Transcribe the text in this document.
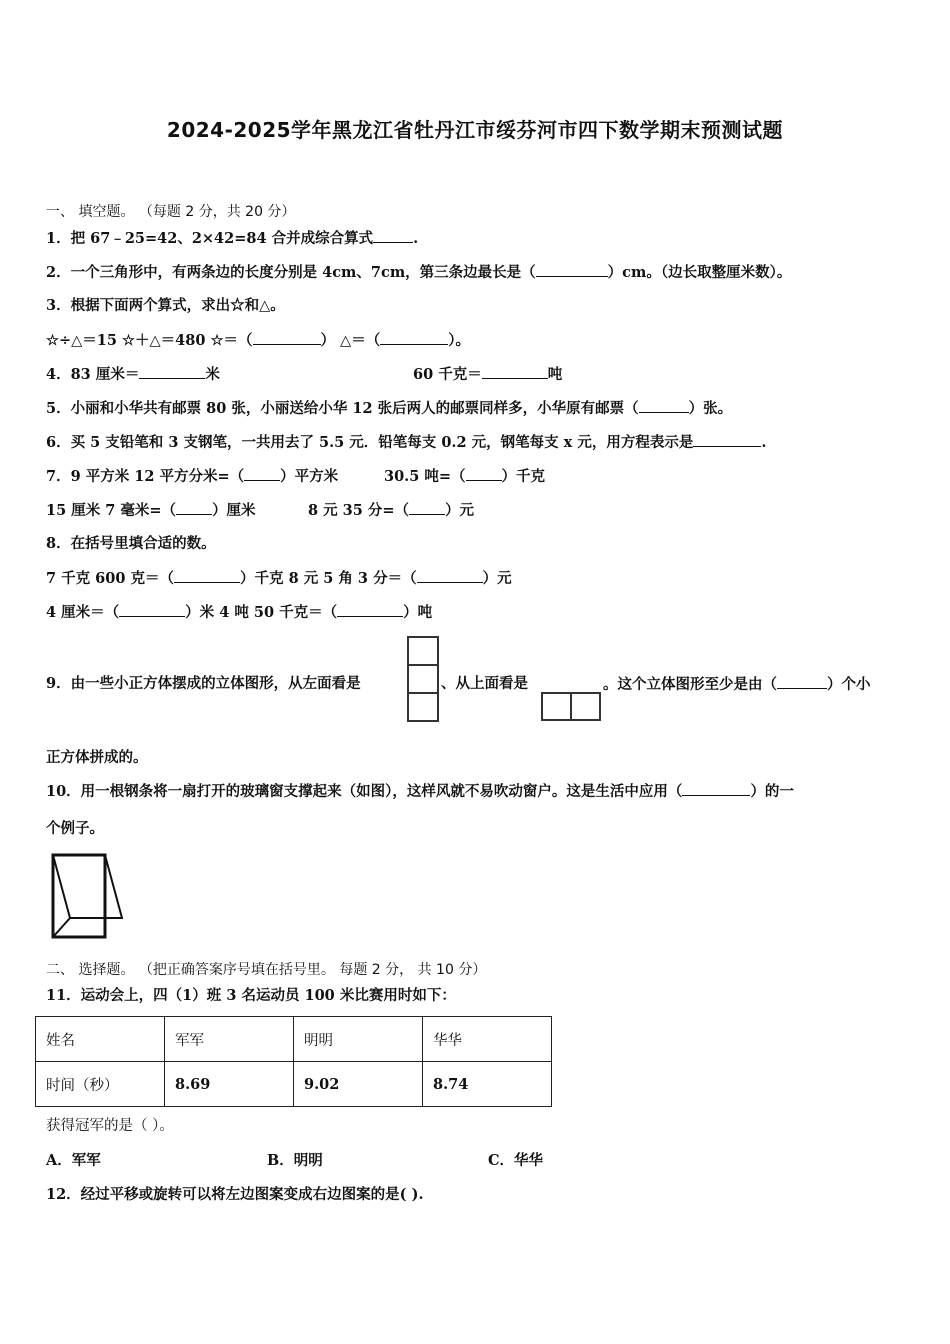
2024-2025学年黑龙江省牡丹江市绥芬河市四下数学期末预测试题
一、 填空题。 （每题 2 分，共 20 分）
1．把 67﹣25=42、2×42=84 合并成综合算式	.
2．一个三角形中，有两条边的长度分别是 4cm、7cm，第三条边最长是（	）cm。（边长取整厘米数）。
3．根据下面两个算式，求出☆和△。
☆÷△＝15 ☆＋△＝480 ☆＝（	） △＝（	）。
4．83 厘米＝	米	60 千克＝	吨
5．小丽和小华共有邮票 80 张，小丽送给小华 12 张后两人的邮票同样多，小华原有邮票（	）张。
6．买 5 支铅笔和 3 支钢笔，一共用去了 5.5 元．铅笔每支 0.2 元，钢笔每支 x 元，用方程表示是	.
7．9 平方米 12 平方分米=（ ）平方米	30.5 吨=（ ）千克
15 厘米 7 毫米=（ ）厘米	8 元 35 分=（ ）元
8．在括号里填合适的数。
7 千克 600 克＝（	）千克 8 元 5 角 3 分＝（	）元
4 厘米＝（	）米 4 吨 50 千克＝（	）吨
9．由一些小正方体摆成的立体图形，从左面看是	、从上面看是	。这个立体图形至少是由（	）个小
正方体拼成的。
10．用一根钢条将一扇打开的玻璃窗支撑起来（如图），这样风就不易吹动窗户。这是生活中应用（	）的一
个例子。
二、 选择题。 （把正确答案序号填在括号里。 每题 2 分， 共 10 分）
11．运动会上，四（1）班 3 名运动员 100 米比赛用时如下：
姓名	军军	明明	华华
时间（秒）	8.69	9.02	8.74
获得冠军的是（ ）。
A．军军	B．明明	C．华华
12．经过平移或旋转可以将左边图案变成右边图案的是( ).
